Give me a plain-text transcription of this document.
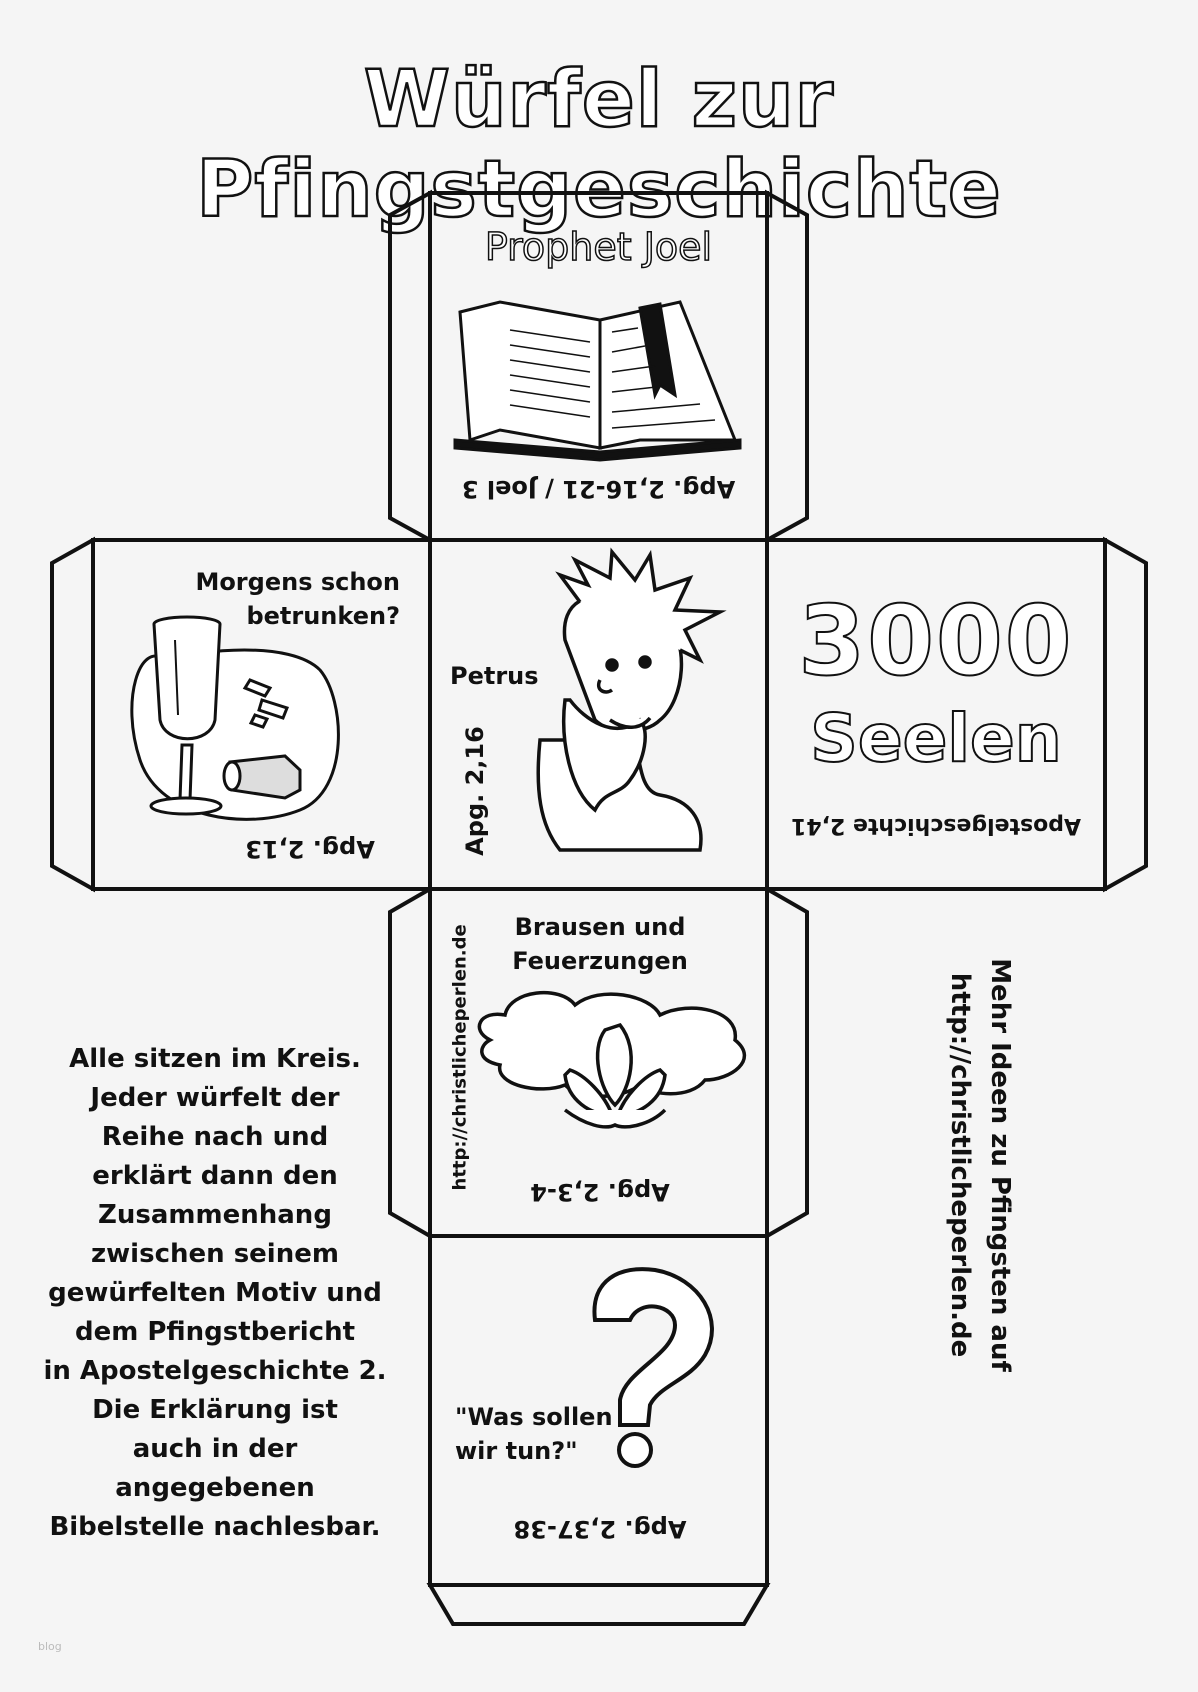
Würfel zur Pfingstgeschichte
Prophet Joel
Apg. 2,16-21 / Joel 3
Morgens schon
betrunken?
Apg. 2,13
Petrus
Apg. 2,16
3000
Seelen
Apostelgeschichte 2,41
Brausen und
Feuerzungen
Apg. 2,3-4
http://christlicheperlen.de
"Was sollen
wir tun?"
Apg. 2,37-38
Alle sitzen im Kreis.
Jeder würfelt der
Reihe nach und
erklärt dann den
Zusammenhang
zwischen seinem
gewürfelten Motiv und
dem Pfingstbericht
in Apostelgeschichte 2.
Die Erklärung ist
auch in der
angegebenen
Bibelstelle nachlesbar.
Mehr Ideen zu Pfingsten auf
http://christlicheperlen.de
blog
